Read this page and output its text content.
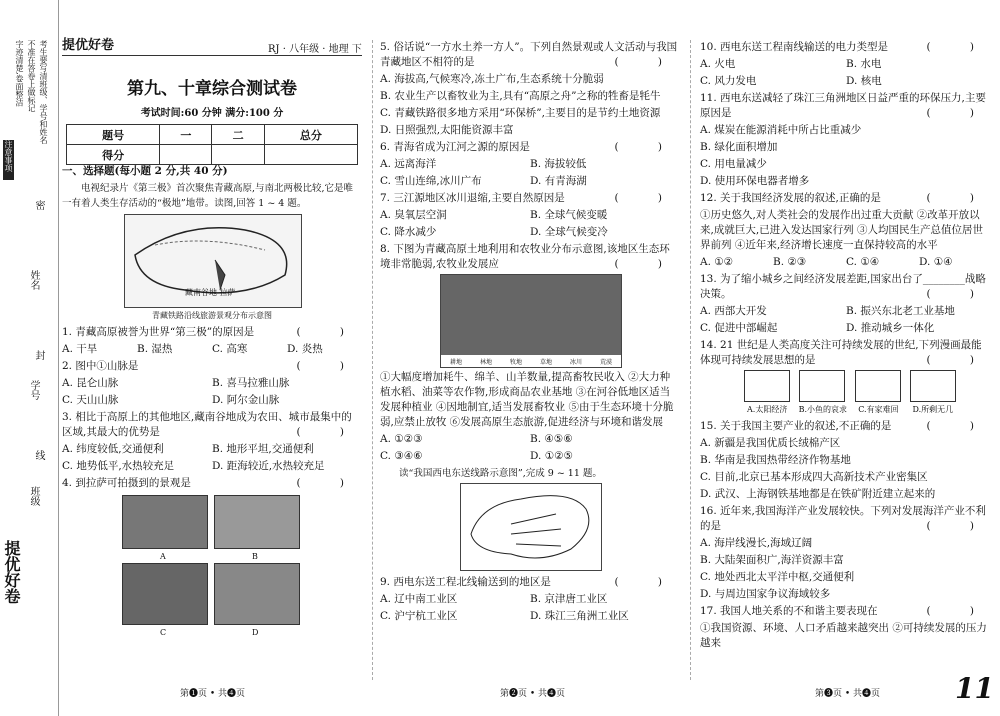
考生要写清班级、学号和姓名
不准在答卷上做标记
字迹清楚,卷面整洁
注意事项
密
封
线
姓名
学号
班级
提优好卷
提优好卷	RJ · 八年级 · 地理 下
第九、十章综合测试卷
考试时间:60 分钟 满分:100 分
题号	一	二	总分
得分			

一、选择题(每小题 2 分,共 40 分)

电视纪录片《第三极》首次聚焦青藏高原,与南北两极比较,它是唯一有着人类生存活动的“极地”地带。读图,回答 1 ~ 4 题。

藏南谷地 拉萨

青藏铁路沿线旅游景观分布示意图

( )
1. 青藏高原被誉为世界“第三极”的原因是

A. 干旱	B. 湿热	C. 高寒	D. 炎热

( )
2. 图中①山脉是

A. 昆仑山脉	B. 喜马拉雅山脉

C. 天山山脉	D. 阿尔金山脉

3. 相比于高原上的其他地区,藏南谷地成为农田、城市最集中的区域,其最大的优势是	( )

A. 纬度较低,交通便利	B. 地形平坦,交通便利

C. 地势低平,水热较充足	D. 距海较近,水热较充足

( )
4. 到拉萨可拍摄到的景观是

A	B
C	D

5. 俗话说“一方水土养一方人”。下列自然景观或人文活动与我国青藏地区不相符的是	( )

A. 海拔高,气候寒冷,冻土广布,生态系统十分脆弱

B. 农业生产以畜牧业为主,具有“高原之舟”之称的牲畜是牦牛

C. 青藏铁路很多地方采用“环保桥”,主要目的是节约土地资源

D. 日照强烈,太阳能资源丰富

( )
6. 青海省成为江河之源的原因是

A. 远离海洋	B. 海拔较低

C. 雪山连绵,冰川广布	D. 有青海湖

( )
7. 三江源地区冰川退缩,主要自然原因是

A. 臭氧层空洞	B. 全球气候变暖

C. 降水减少	D. 全球气候变冷

8. 下图为青藏高原土地利用和农牧业分布示意图,该地区生态环境非常脆弱,农牧业发展应	( )

耕地	林地	牧地	草地	冰川	荒漠

①大幅度增加耗牛、绵羊、山羊数量,提高畜牧民收入 ②大力种植水稻、油菜等农作物,形成商品农业基地 ③在河谷低地区适当发展种植业 ④因地制宜,适当发展畜牧业 ⑤由于生态环境十分脆弱,应禁止放牧 ⑥发展高原生态旅游,促进经济与环境和谐发展

A. ①②③	B. ④⑤⑥

C. ③④⑥	D. ①②⑤

读“我国西电东送线路示意图”,完成 9 ~ 11 题。

( )
9. 西电东送工程北线输送到的地区是

A. 辽中南工业区	B. 京津唐工业区

C. 沪宁杭工业区	D. 珠江三角洲工业区

( )
10. 西电东送工程南线输送的电力类型是

A. 火电	B. 水电

C. 风力发电	D. 核电

11. 西电东送减轻了珠江三角洲地区日益严重的环保压力,主要原因是	( )

A. 煤炭在能源消耗中所占比重减少

B. 绿化面积增加

C. 用电量减少

D. 使用环保电器者增多

( )
12. 关于我国经济发展的叙述,正确的是

①历史悠久,对人类社会的发展作出过重大贡献 ②改革开放以来,成就巨大,已进入发达国家行列 ③人均国民生产总值位居世界前列 ④近年来,经济增长速度一直保持较高的水平

A. ①②	B. ②③	C. ①④	D. ①④

13. 为了缩小城乡之间经济发展差距,国家出台了________战略决策。	( )

A. 西部大开发	B. 振兴东北老工业基地

C. 促进中部崛起	D. 推动城乡一体化

14. 21 世纪是人类高度关注可持续发展的世纪,下列漫画最能体现可持续发展思想的是	( )

A.太阳经济	B.小鱼的哀求	C.有家难回	D.所剩无几

( )
15. 关于我国主要产业的叙述,不正确的是

A. 新疆是我国优质长绒棉产区

B. 华南是我国热带经济作物基地

C. 目前,北京已基本形成四大高新技术产业密集区

D. 武汉、上海钢铁基地都是在铁矿附近建立起来的

16. 近年来,我国海洋产业发展较快。下列对发展海洋产业不利的是	( )

A. 海岸线漫长,海域辽阔

B. 大陆架面积广,海洋资源丰富

C. 地处西北太平洋中枢,交通便利

D. 与周边国家争议海域较多

( )
17. 我国人地关系的不和谐主要表现在

①我国资源、环境、人口矛盾越来越突出 ②可持续发展的压力越来

第❶页 • 共❹页	第❷页 • 共❹页	第❸页 • 共❹页	11
